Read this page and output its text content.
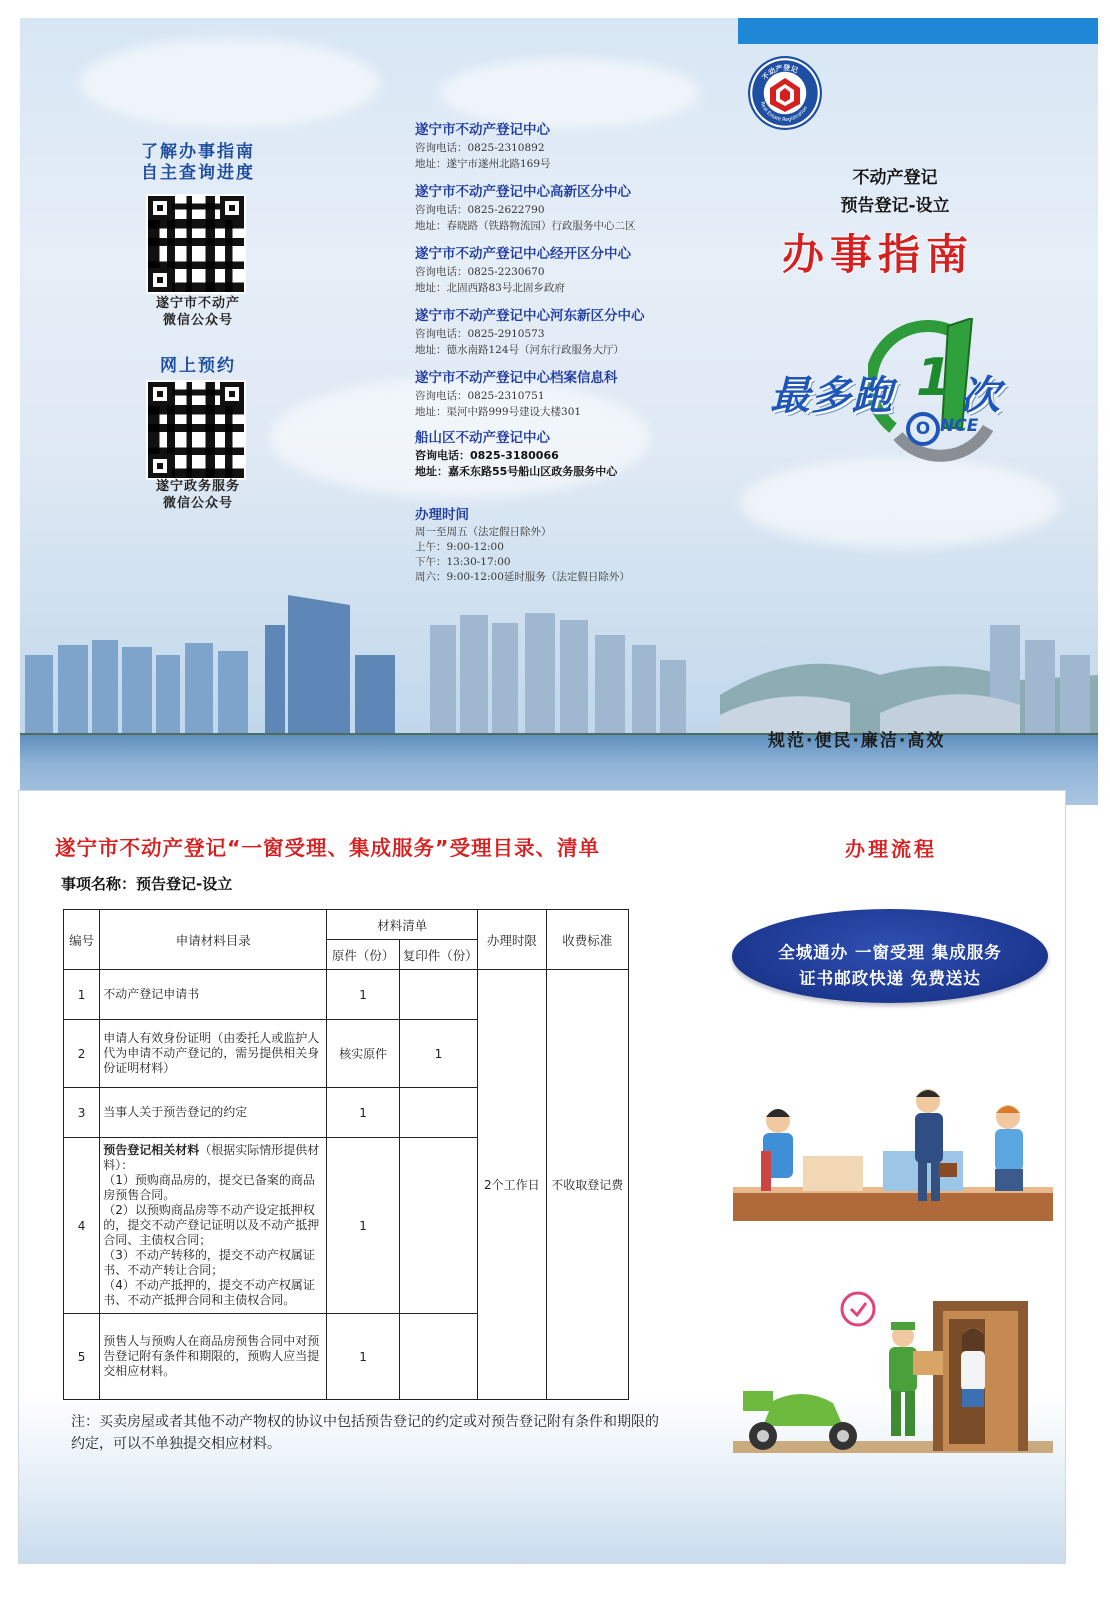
了解办事指南
自主查询进度
遂宁市不动产
微信公众号
网上预约
遂宁政务服务
微信公众号
遂宁市不动产登记中心
咨询电话：0825-2310892
地址：遂宁市遂州北路169号
遂宁市不动产登记中心高新区分中心
咨询电话：0825-2622790
地址：春晓路（铁路物流园）行政服务中心二区
遂宁市不动产登记中心经开区分中心
咨询电话：0825-2230670
地址：北固西路83号北固乡政府
遂宁市不动产登记中心河东新区分中心
咨询电话：0825-2910573
地址：德水南路124号（河东行政服务大厅）
遂宁市不动产登记中心档案信息科
咨询电话：0825-2310751
地址：渠河中路999号建设大楼301
船山区不动产登记中心
咨询电话：0825-3180066
地址：嘉禾东路55号船山区政务服务中心
办理时间
周一至周五（法定假日除外）
上午：9:00-12:00
下午：13:30-17:00
周六：9:00-12:00延时服务（法定假日除外）
不动产登记
Real Estate Registration
不动产登记
预告登记-设立
办事指南
最多跑 1 次
O NCE
规范·便民·廉洁·高效
遂宁市不动产登记“一窗受理、集成服务”受理目录、清单
事项名称：预告登记-设立
办理流程
编号	申请材料目录	材料清单		办理时限	收费标准
		原件（份）	复印件（份）		
1	不动产登记申请书	1		2个工作日	不收取登记费
2	申请人有效身份证明（由委托人或监护人代为申请不动产登记的，需另提供相关身份证明材料）	核实原件	1		
3	当事人关于预告登记的约定	1			
4	预告登记相关材料（根据实际情形提供材料）：
（1）预购商品房的，提交已备案的商品房预售合同。
（2）以预购商品房等不动产设定抵押权的，提交不动产登记证明以及不动产抵押合同、主债权合同；
（3）不动产转移的，提交不动产权属证书、不动产转让合同；
（4）不动产抵押的，提交不动产权属证书、不动产抵押合同和主债权合同。	1			
5	预售人与预购人在商品房预售合同中对预告登记附有条件和期限的，预购人应当提交相应材料。	1			
注：买卖房屋或者其他不动产物权的协议中包括预告登记的约定或对预告登记附有条件和期限的约定，可以不单独提交相应材料。
全城通办 一窗受理 集成服务
证书邮政快递 免费送达
